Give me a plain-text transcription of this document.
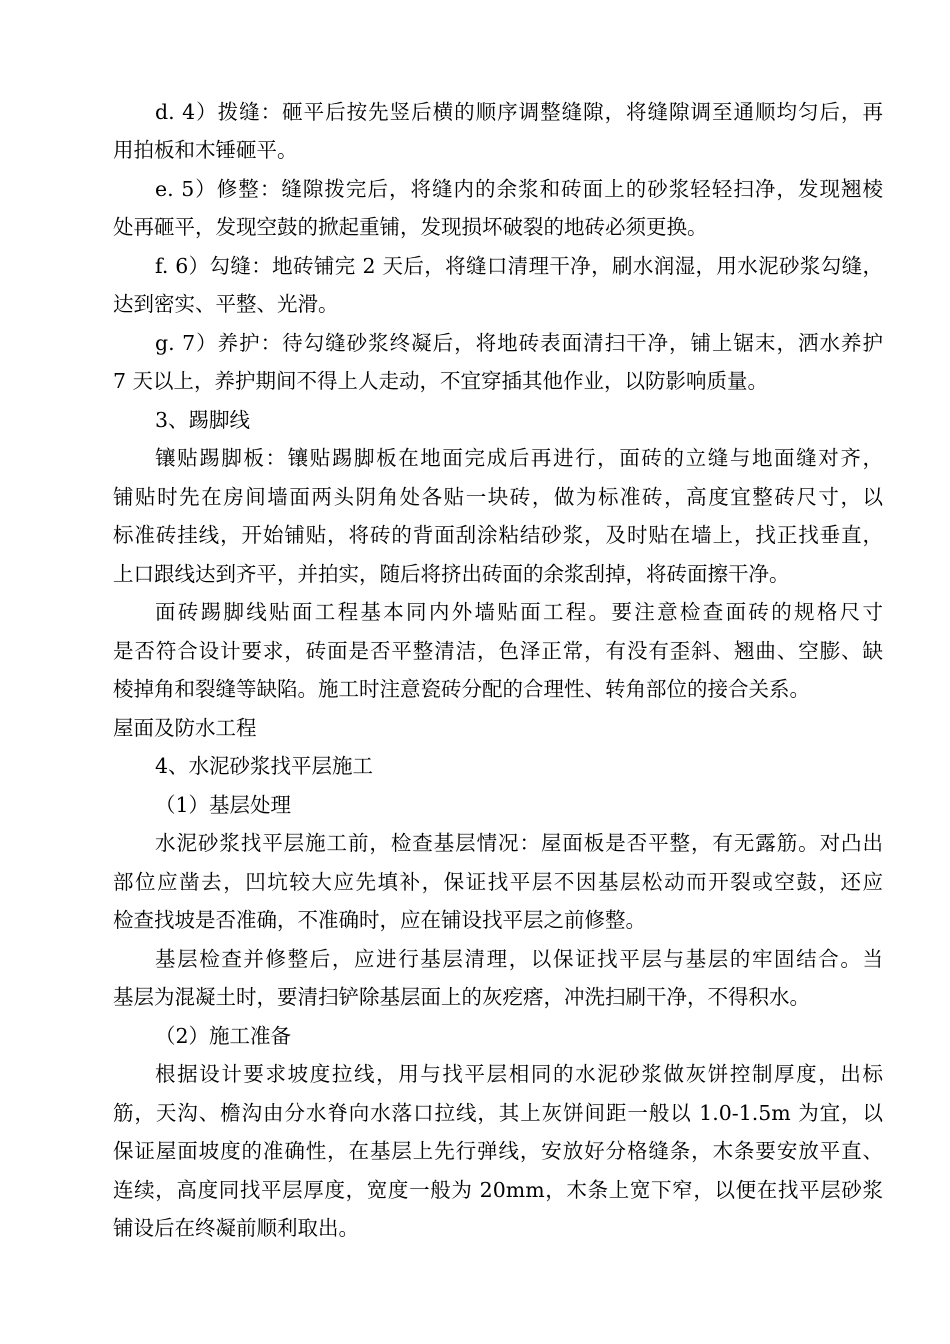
d. 4）拨缝：砸平后按先竖后横的顺序调整缝隙，将缝隙调至通顺均匀后，再
用拍板和木锤砸平。
e. 5）修整：缝隙拨完后，将缝内的余浆和砖面上的砂浆轻轻扫净，发现翘棱
处再砸平，发现空鼓的掀起重铺，发现损坏破裂的地砖必须更换。
f. 6）勾缝：地砖铺完 2 天后，将缝口清理干净，刷水润湿，用水泥砂浆勾缝，
达到密实、平整、光滑。
g. 7）养护：待勾缝砂浆终凝后，将地砖表面清扫干净，铺上锯末，洒水养护
7 天以上，养护期间不得上人走动，不宜穿插其他作业，以防影响质量。
3、踢脚线
镶贴踢脚板：镶贴踢脚板在地面完成后再进行，面砖的立缝与地面缝对齐，
铺贴时先在房间墙面两头阴角处各贴一块砖，做为标准砖，高度宜整砖尺寸，以
标准砖挂线，开始铺贴，将砖的背面刮涂粘结砂浆，及时贴在墙上，找正找垂直，
上口跟线达到齐平，并拍实，随后将挤出砖面的余浆刮掉，将砖面擦干净。
面砖踢脚线贴面工程基本同内外墙贴面工程。要注意检查面砖的规格尺寸
是否符合设计要求，砖面是否平整清洁，色泽正常，有没有歪斜、翘曲、空膨、缺
棱掉角和裂缝等缺陷。施工时注意瓷砖分配的合理性、转角部位的接合关系。
屋面及防水工程
4、水泥砂浆找平层施工
（1）基层处理
水泥砂浆找平层施工前，检查基层情况：屋面板是否平整，有无露筋。对凸出
部位应凿去，凹坑较大应先填补，保证找平层不因基层松动而开裂或空鼓，还应
检查找坡是否准确，不准确时，应在铺设找平层之前修整。
基层检查并修整后，应进行基层清理，以保证找平层与基层的牢固结合。当
基层为混凝土时，要清扫铲除基层面上的灰疙瘩，冲洗扫刷干净，不得积水。
（2）施工准备
根据设计要求坡度拉线，用与找平层相同的水泥砂浆做灰饼控制厚度，出标
筋，天沟、檐沟由分水脊向水落口拉线，其上灰饼间距一般以 1.0-1.5m 为宜，以
保证屋面坡度的准确性，在基层上先行弹线，安放好分格缝条，木条要安放平直、
连续，高度同找平层厚度，宽度一般为 20mm，木条上宽下窄，以便在找平层砂浆
铺设后在终凝前顺利取出。
